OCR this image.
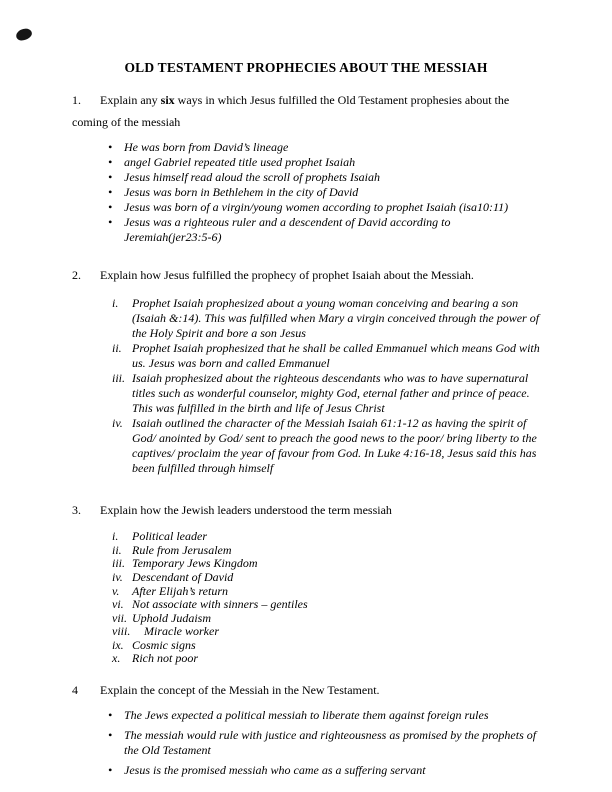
OLD TESTAMENT PROPHECIES ABOUT THE MESSIAH

1. Explain any six ways in which Jesus fulfilled the Old Testament prophesies about the coming of the messiah

• He was born from David’s lineage
• angel Gabriel repeated title used prophet Isaiah
• Jesus himself read aloud the scroll of prophets Isaiah
• Jesus was born in Bethlehem in the city of David
• Jesus was born of a virgin/young women according to prophet Isaiah (isa10:11)
• Jesus was a righteous ruler and a descendent of David according to Jeremiah(jer23:5-6)

2. Explain how Jesus fulfilled the prophecy of prophet Isaiah about the Messiah.

i.	Prophet Isaiah prophesized about a young woman conceiving and bearing a son (Isaiah &:14). This was fulfilled when Mary a virgin conceived through the power of the Holy Spirit and bore a son Jesus
ii. Prophet Isaiah prophesized that he shall be called Emmanuel which means God with us. Jesus was born and called Emmanuel
iii. Isaiah prophesized about the righteous descendants who was to have supernatural titles such as wonderful counselor, mighty God, eternal father and prince of peace. This was fulfilled in the birth and life of Jesus Christ
iv. Isaiah outlined the character of the Messiah Isaiah 61:1-12 as having the spirit of God/ anointed by God/ sent to preach the good news to the poor/ bring liberty to the captives/ proclaim the year of favour from God. In Luke 4:16-18, Jesus said this has been fulfilled through himself

3. Explain how the Jewish leaders understood the term messiah

i.	Political leader
ii. Rule from Jerusalem
iii. Temporary Jews Kingdom
iv. Descendant of David
v.	After Elijah’s return
vi. Not associate with sinners – gentiles
vii. Uphold Judaism
viii.	Miracle worker
ix. Cosmic signs
x. Rich not poor

4 Explain the concept of the Messiah in the New Testament.

• The Jews expected a political messiah to liberate them against foreign rules
• The messiah would rule with justice and righteousness as promised by the prophets of the Old Testament
• Jesus is the promised messiah who came as a suffering servant
